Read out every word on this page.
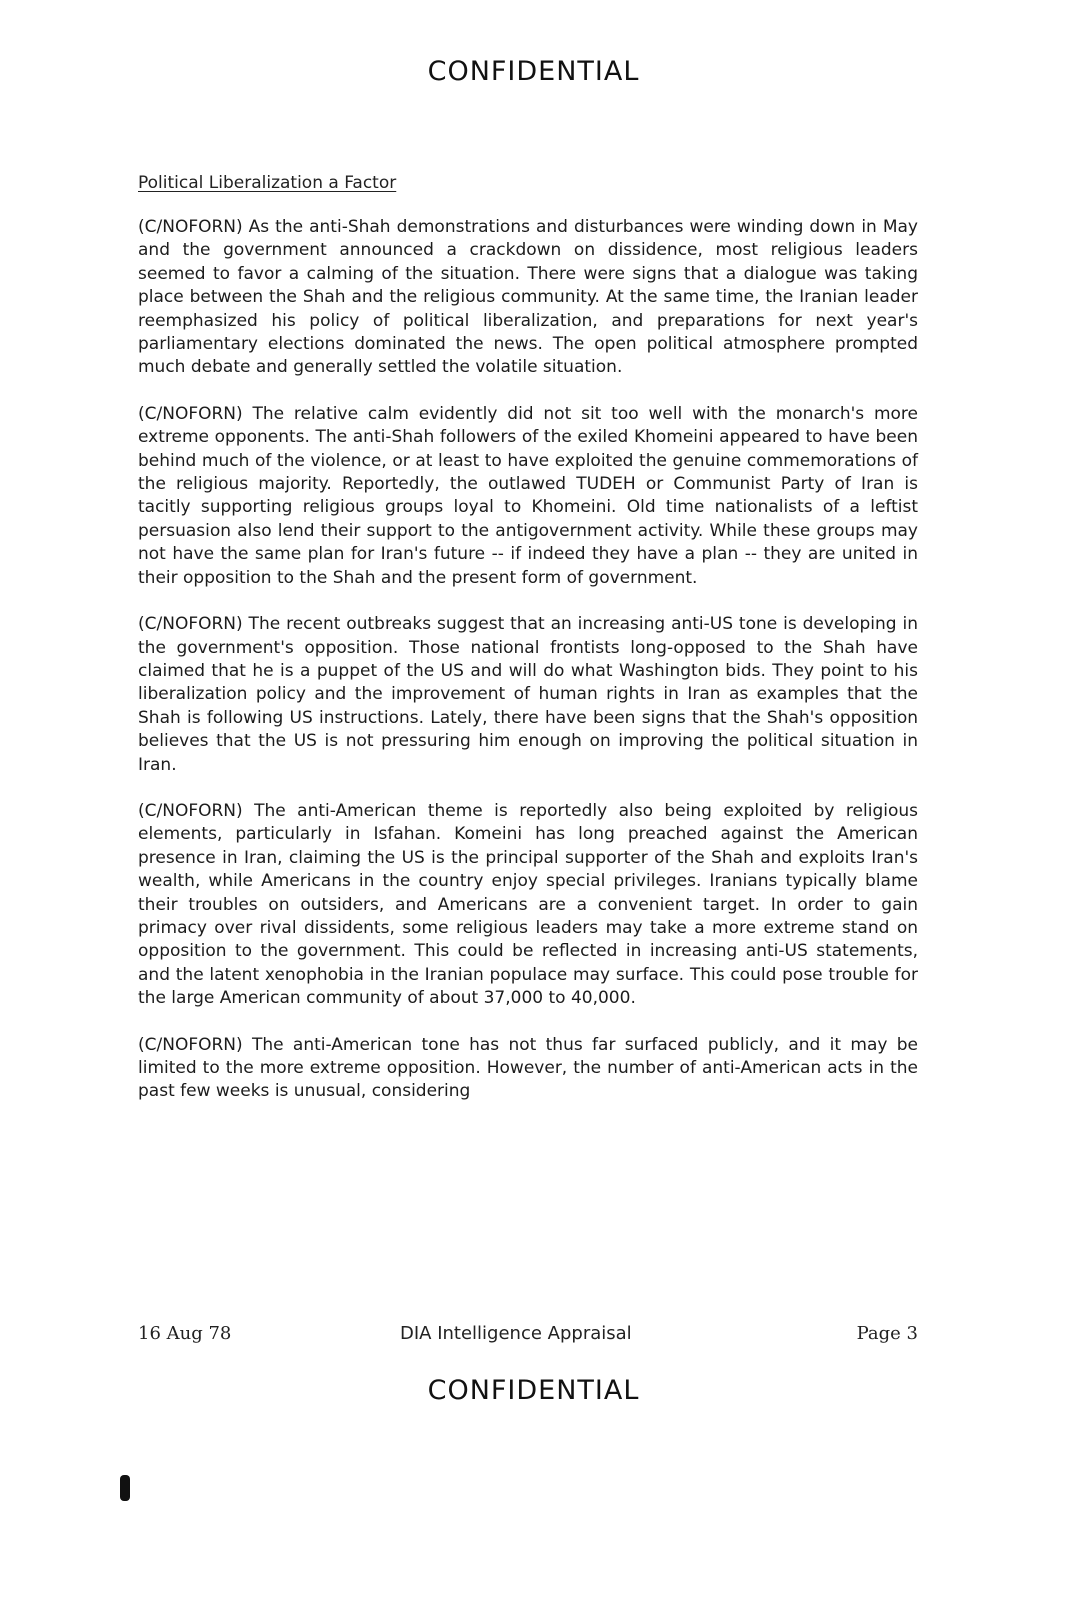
CONFIDENTIAL
Political Liberalization a Factor

(C/NOFORN) As the anti-Shah demonstrations and disturbances were winding down in May and the government announced a crackdown on dissidence, most religious leaders seemed to favor a calming of the situation. There were signs that a dialogue was taking place between the Shah and the religious community. At the same time, the Iranian leader reemphasized his policy of political liberalization, and preparations for next year's parliamentary elections dominated the news. The open political atmosphere prompted much debate and generally settled the volatile situation.

(C/NOFORN) The relative calm evidently did not sit too well with the monarch's more extreme opponents. The anti-Shah followers of the exiled Khomeini appeared to have been behind much of the violence, or at least to have exploited the genuine commemorations of the religious majority. Reportedly, the outlawed TUDEH or Communist Party of Iran is tacitly supporting religious groups loyal to Khomeini. Old time nationalists of a leftist persuasion also lend their support to the antigovernment activity. While these groups may not have the same plan for Iran's future -- if indeed they have a plan -- they are united in their opposition to the Shah and the present form of government.

(C/NOFORN) The recent outbreaks suggest that an increasing anti-US tone is developing in the government's opposition. Those national frontists long-opposed to the Shah have claimed that he is a puppet of the US and will do what Washington bids. They point to his liberalization policy and the improvement of human rights in Iran as examples that the Shah is following US instructions. Lately, there have been signs that the Shah's opposition believes that the US is not pressuring him enough on improving the political situation in Iran.

(C/NOFORN) The anti-American theme is reportedly also being exploited by religious elements, particularly in Isfahan. Komeini has long preached against the American presence in Iran, claiming the US is the principal supporter of the Shah and exploits Iran's wealth, while Americans in the country enjoy special privileges. Iranians typically blame their troubles on outsiders, and Americans are a convenient target. In order to gain primacy over rival dissidents, some religious leaders may take a more extreme stand on opposition to the government. This could be reflected in increasing anti-US statements, and the latent xenophobia in the Iranian populace may surface. This could pose trouble for the large American community of about 37,000 to 40,000.

(C/NOFORN) The anti-American tone has not thus far surfaced publicly, and it may be limited to the more extreme opposition. However, the number of anti-American acts in the past few weeks is unusual, considering

16 Aug 78	DIA Intelligence Appraisal	Page 3
CONFIDENTIAL
